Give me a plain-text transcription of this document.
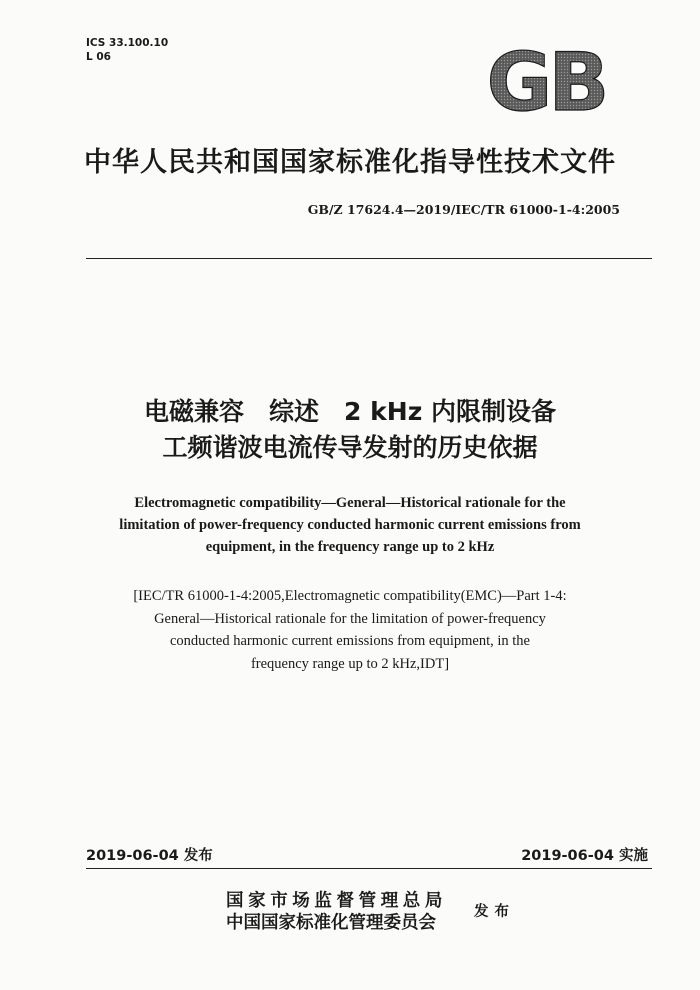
ICS 33.100.10
L 06	GB
中华人民共和国国家标准化指导性技术文件
GB/Z 17624.4—2019/IEC/TR 61000-1-4:2005
电磁兼容　综述　2 kHz 内限制设备
工频谐波电流传导发射的历史依据
Electromagnetic compatibility—General—Historical rationale for the
limitation of power-frequency conducted harmonic current emissions from
equipment, in the frequency range up to 2 kHz
[IEC/TR 61000-1-4:2005,Electromagnetic compatibility(EMC)—Part 1-4:
General—Historical rationale for the limitation of power-frequency
conducted harmonic current emissions from equipment, in the
frequency range up to 2 kHz,IDT]
2019-06-04 发布	2019-06-04 实施
国家市场监督管理总局
中国国家标准化管理委员会
发布
